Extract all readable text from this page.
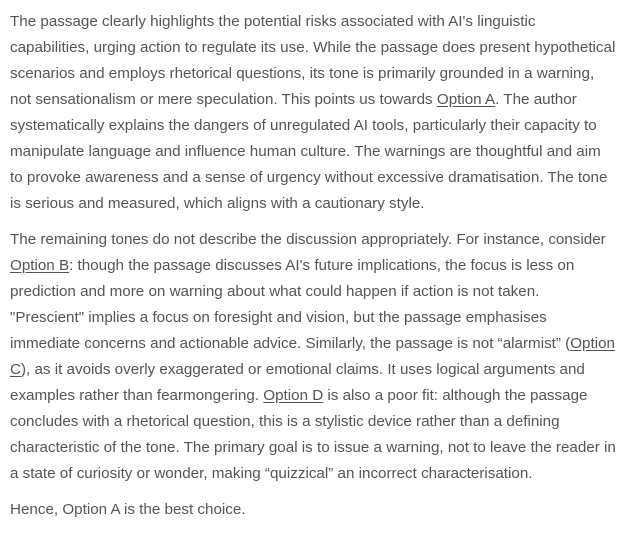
The passage clearly highlights the potential risks associated with AI's linguistic capabilities, urging action to regulate its use. While the passage does present hypothetical scenarios and employs rhetorical questions, its tone is primarily grounded in a warning, not sensationalism or mere speculation. This points us towards Option A. The author systematically explains the dangers of unregulated AI tools, particularly their capacity to manipulate language and influence human culture. The warnings are thoughtful and aim to provoke awareness and a sense of urgency without excessive dramatisation. The tone is serious and measured, which aligns with a cautionary style.

The remaining tones do not describe the discussion appropriately. For instance, consider Option B: though the passage discusses AI's future implications, the focus is less on prediction and more on warning about what could happen if action is not taken. "Prescient" implies a focus on foresight and vision, but the passage emphasises immediate concerns and actionable advice. Similarly, the passage is not “alarmist” (Option C), as it avoids overly exaggerated or emotional claims. It uses logical arguments and examples rather than fearmongering. Option D is also a poor fit: although the passage concludes with a rhetorical question, this is a stylistic device rather than a defining characteristic of the tone. The primary goal is to issue a warning, not to leave the reader in a state of curiosity or wonder, making “quizzical” an incorrect characterisation.

Hence, Option A is the best choice.
